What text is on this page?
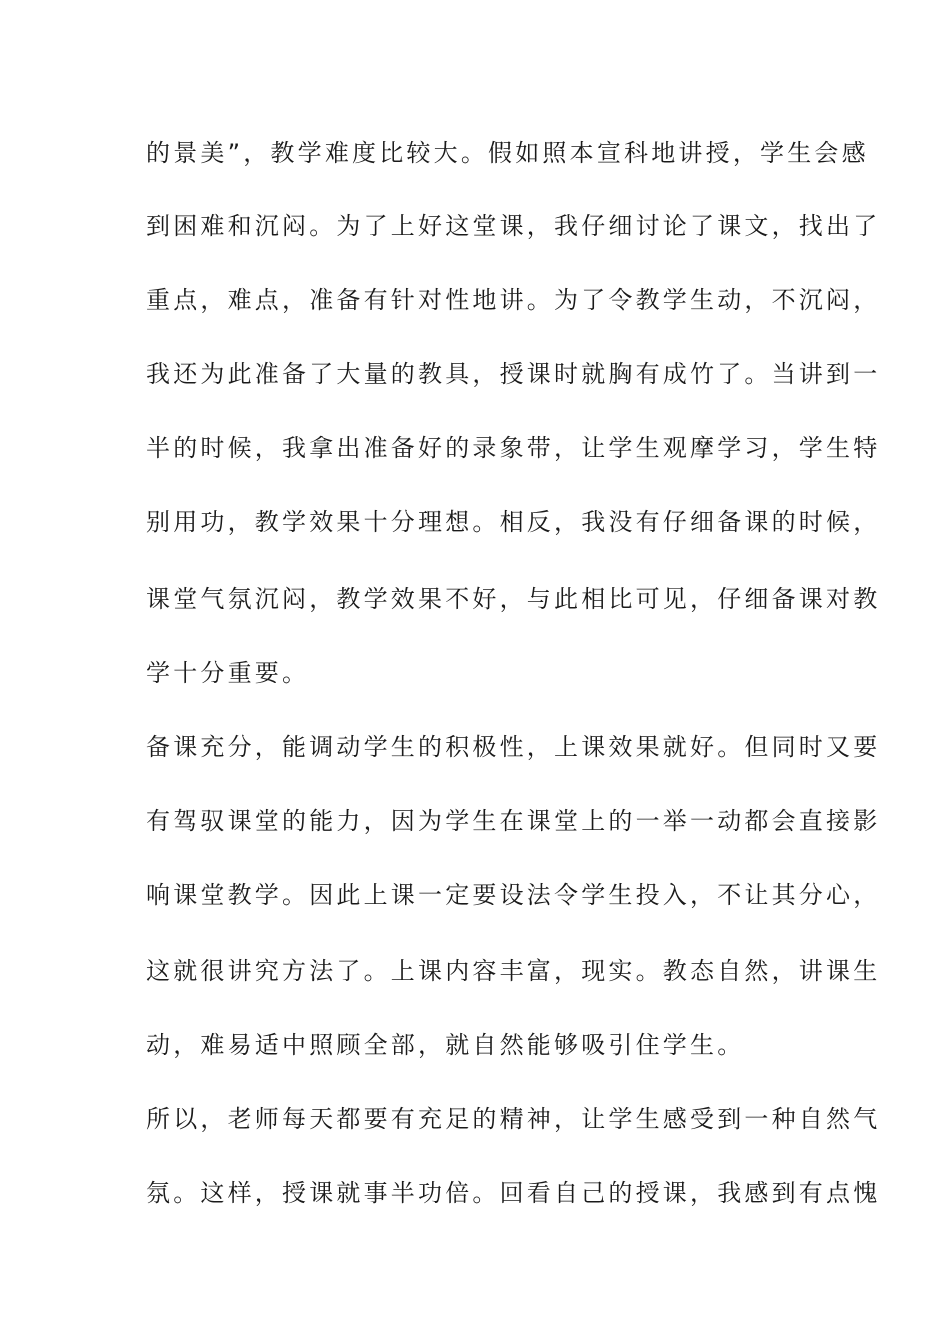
的景美”，教学难度比较大。假如照本宣科地讲授，学生会感
到困难和沉闷。为了上好这堂课，我仔细讨论了课文，找出了
重点，难点，准备有针对性地讲。为了令教学生动，不沉闷，
我还为此准备了大量的教具，授课时就胸有成竹了。当讲到一
半的时候，我拿出准备好的录象带，让学生观摩学习，学生特
别用功，教学效果十分理想。相反，我没有仔细备课的时候，
课堂气氛沉闷，教学效果不好，与此相比可见，仔细备课对教
学十分重要。
备课充分，能调动学生的积极性，上课效果就好。但同时又要
有驾驭课堂的能力，因为学生在课堂上的一举一动都会直接影
响课堂教学。因此上课一定要设法令学生投入，不让其分心，
这就很讲究方法了。上课内容丰富，现实。教态自然，讲课生
动，难易适中照顾全部，就自然能够吸引住学生。
所以，老师每天都要有充足的精神，让学生感受到一种自然气
氛。这样，授课就事半功倍。回看自己的授课，我感到有点愧
